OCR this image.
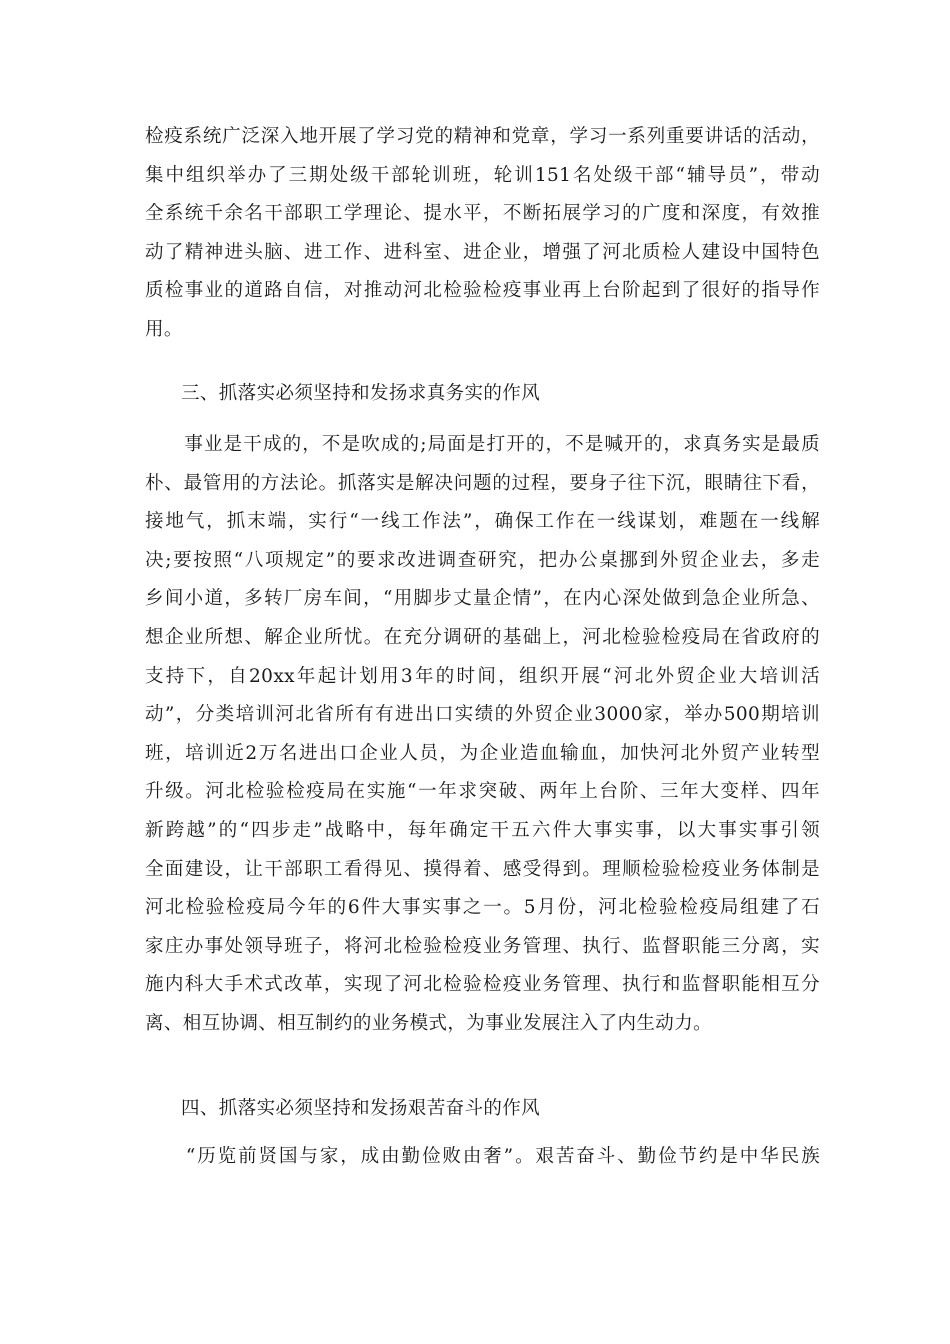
检疫系统广泛深入地开展了学习党的精神和党章，学习一系列重要讲话的活动，
集中组织举办了三期处级干部轮训班，轮训151名处级干部“辅导员”，带动
全系统千余名干部职工学理论、提水平，不断拓展学习的广度和深度，有效推
动了精神进头脑、进工作、进科室、进企业，增强了河北质检人建设中国特色
质检事业的道路自信，对推动河北检验检疫事业再上台阶起到了很好的指导作
用。

三、抓落实必须坚持和发扬求真务实的作风

　　事业是干成的，不是吹成的;局面是打开的，不是喊开的，求真务实是最质
朴、最管用的方法论。抓落实是解决问题的过程，要身子往下沉，眼睛往下看，
接地气，抓末端，实行“一线工作法”，确保工作在一线谋划，难题在一线解
决;要按照“八项规定”的要求改进调查研究，把办公桌挪到外贸企业去，多走
乡间小道，多转厂房车间，“用脚步丈量企情”，在内心深处做到急企业所急、
想企业所想、解企业所忧。在充分调研的基础上，河北检验检疫局在省政府的
支持下，自20xx年起计划用3年的时间，组织开展“河北外贸企业大培训活
动”，分类培训河北省所有有进出口实绩的外贸企业3000家，举办500期培训
班，培训近2万名进出口企业人员，为企业造血输血，加快河北外贸产业转型
升级。河北检验检疫局在实施“一年求突破、两年上台阶、三年大变样、四年
新跨越”的“四步走”战略中，每年确定干五六件大事实事，以大事实事引领
全面建设，让干部职工看得见、摸得着、感受得到。理顺检验检疫业务体制是
河北检验检疫局今年的6件大事实事之一。5月份，河北检验检疫局组建了石
家庄办事处领导班子，将河北检验检疫业务管理、执行、监督职能三分离，实
施内科大手术式改革，实现了河北检验检疫业务管理、执行和监督职能相互分
离、相互协调、相互制约的业务模式，为事业发展注入了内生动力。

四、抓落实必须坚持和发扬艰苦奋斗的作风

　　“历览前贤国与家，成由勤俭败由奢”。艰苦奋斗、勤俭节约是中华民族
